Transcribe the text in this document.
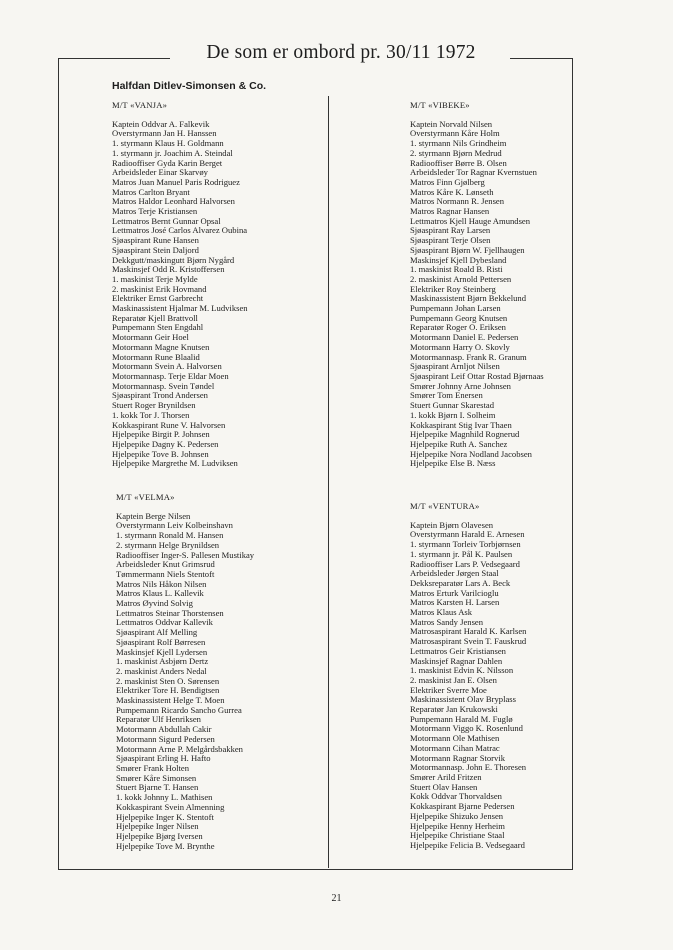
De som er ombord pr. 30/11 1972
Halfdan Ditlev-Simonsen & Co.
M/T «VANJA»
Kaptein Oddvar A. Falkevik
Overstyrmann Jan H. Hanssen
1. styrmann Klaus H. Goldmann
1. styrmann jr. Joachim A. Steindal
Radiooffiser Gyda Karin Berget
Arbeidsleder Einar Skarvøy
Matros Juan Manuel Paris Rodriguez
Matros Carlton Bryant
Matros Haldor Leonhard Halvorsen
Matros Terje Kristiansen
Lettmatros Bernt Gunnar Opsal
Lettmatros José Carlos Alvarez Oubina
Sjøaspirant Rune Hansen
Sjøaspirant Stein Daljord
Dekkgutt/maskingutt Bjørn Nygård
Maskinsjef Odd R. Kristoffersen
1. maskinist Terje Mylde
2. maskinist Erik Hovmand
Elektriker Ernst Garbrecht
Maskinassistent Hjalmar M. Ludviksen
Reparatør Kjell Brattvoll
Pumpemann Sten Engdahl
Motormann Geir Hoel
Motormann Magne Knutsen
Motormann Rune Blaalid
Motormann Svein A. Halvorsen
Motormannasp. Terje Eldar Moen
Motormannasp. Svein Tøndel
Sjøaspirant Trond Andersen
Stuert Roger Brynildsen
1. kokk Tor J. Thorsen
Kokkaspirant Rune V. Halvorsen
Hjelpepike Birgit P. Johnsen
Hjelpepike Dagny K. Pedersen
Hjelpepike Tove B. Johnsen
Hjelpepike Margrethe M. Ludviksen
M/T «VIBEKE»
Kaptein Norvald Nilsen
Overstyrmann Kåre Holm
1. styrmann Nils Grindheim
2. styrmann Bjørn Medrud
Radiooffiser Børre B. Olsen
Arbeidsleder Tor Ragnar Kvernstuen
Matros Finn Gjølberg
Matros Kåre K. Lønseth
Matros Normann R. Jensen
Matros Ragnar Hansen
Lettmatros Kjell Hauge Amundsen
Sjøaspirant Ray Larsen
Sjøaspirant Terje Olsen
Sjøaspirant Bjørn W. Fjellhaugen
Maskinsjef Kjell Dybesland
1. maskinist Roald B. Risti
2. maskinist Arnold Pettersen
Elektriker Roy Steinberg
Maskinassistent Bjørn Bekkelund
Pumpemann Johan Larsen
Pumpemann Georg Knutsen
Reparatør Roger O. Eriksen
Motormann Daniel E. Pedersen
Motormann Harry O. Skovly
Motormannasp. Frank R. Granum
Sjøaspirant Arnljot Nilsen
Sjøaspirant Leif Ottar Rostad Bjørnaas
Smører Johnny Arne Johnsen
Smører Tom Enersen
Stuert Gunnar Skarestad
1. kokk Bjørn I. Solheim
Kokkaspirant Stig Ivar Thaen
Hjelpepike Magnhild Rognerud
Hjelpepike Ruth A. Sanchez
Hjelpepike Nora Nodland Jacobsen
Hjelpepike Else B. Næss
M/T «VELMA»
Kaptein Berge Nilsen
Overstyrmann Leiv Kolbeinshavn
1. styrmann Ronald M. Hansen
2. styrmann Helge Brynildsen
Radiooffiser Inger-S. Pallesen Mustikay
Arbeidsleder Knut Grimsrud
Tømmermann Niels Stentoft
Matros Nils Håkon Nilsen
Matros Klaus L. Kallevik
Matros Øyvind Solvig
Lettmatros Steinar Thorstensen
Lettmatros Oddvar Kallevik
Sjøaspirant Alf Melling
Sjøaspirant Rolf Børresen
Maskinsjef Kjell Lydersen
1. maskinist Asbjørn Dertz
2. maskinist Anders Nedal
2. maskinist Sten O. Sørensen
Elektriker Tore H. Bendigtsen
Maskinassistent Helge T. Moen
Pumpemann Ricardo Sancho Gurrea
Reparatør Ulf Henriksen
Motormann Abdullah Cakir
Motormann Sigurd Pedersen
Motormann Arne P. Melgårdsbakken
Sjøaspirant Erling H. Hafto
Smører Frank Holten
Smører Kåre Simonsen
Stuert Bjarne T. Hansen
1. kokk Johnny L. Mathisen
Kokkaspirant Svein Almenning
Hjelpepike Inger K. Stentoft
Hjelpepike Inger Nilsen
Hjelpepike Bjørg Iversen
Hjelpepike Tove M. Brynthe
M/T «VENTURA»
Kaptein Bjørn Olavesen
Overstyrmann Harald E. Arnesen
1. styrmann Torleiv Torbjørnsen
1. styrmann jr. Pål K. Paulsen
Radiooffiser Lars P. Vedsegaard
Arbeidsleder Jørgen Staal
Dekksreparatør Lars A. Beck
Matros Erturk Varilcioglu
Matros Karsten H. Larsen
Matros Klaus Ask
Matros Sandy Jensen
Matrosaspirant Harald K. Karlsen
Matrosaspirant Svein T. Fauskrud
Lettmatros Geir Kristiansen
Maskinsjef Ragnar Dahlen
1. maskinist Edvin K. Nilsson
2. maskinist Jan E. Olsen
Elektriker Sverre Moe
Maskinassistent Olav Bryplass
Reparatør Jan Krukowski
Pumpemann Harald M. Fuglø
Motormann Viggo K. Rosenlund
Motormann Ole Mathisen
Motormann Cihan Matrac
Motormann Ragnar Storvik
Motormannasp. John E. Thoresen
Smører Arild Fritzen
Stuert Olav Hansen
Kokk Oddvar Thorvaldsen
Kokkaspirant Bjarne Pedersen
Hjelpepike Shizuko Jensen
Hjelpepike Henny Herheim
Hjelpepike Christiane Staal
Hjelpepike Felicia B. Vedsegaard
21
